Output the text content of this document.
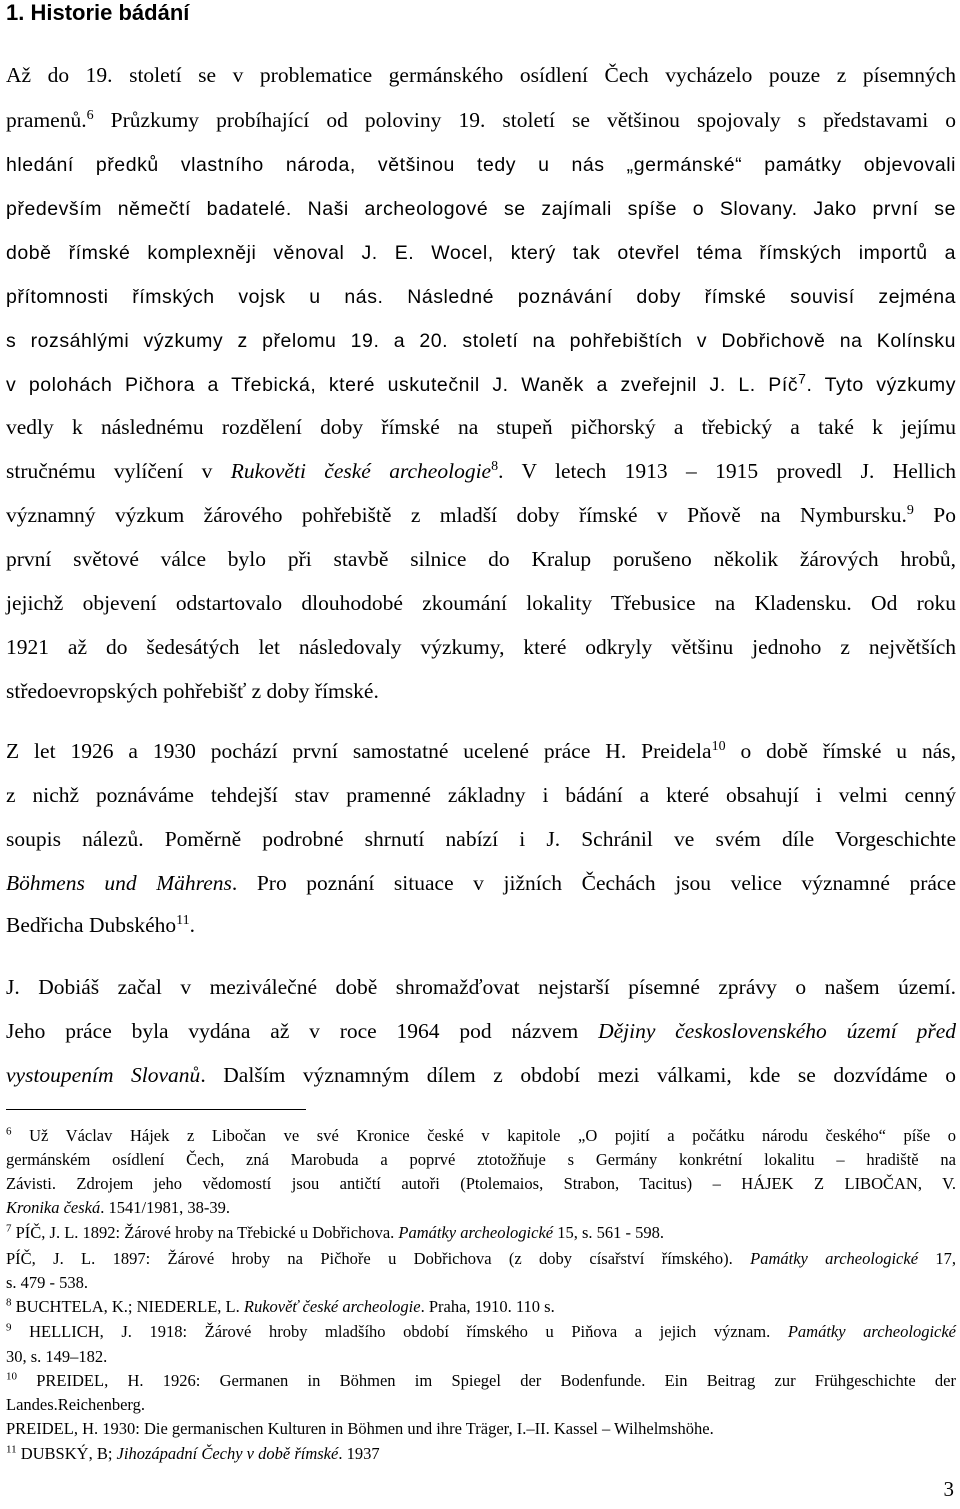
1. Historie bádání
Až do 19. století se v problematice germánského osídlení Čech vycházelo pouze z písemných
pramenů.$^6$ Průzkumy probíhající od poloviny 19. století se většinou spojovaly s představami o
hledání předků vlastního národa, většinou tedy u nás „germánské“ památky objevovali
především němečtí badatelé. Naši archeologové se zajímali spíše o Slovany. Jako první se
době římské komplexněji věnoval J. E. Wocel, který tak otevřel téma římských importů a
přítomnosti římských vojsk u nás. Následné poznávání doby římské souvisí zejména
s rozsáhlými výzkumy z přelomu 19. a 20. století na pohřebištích v Dobřichově na Kolínsku
v polohách Pičhora a Třebická, které uskutečnil J. Waněk a zveřejnil J. L. Píč$^7$. Tyto výzkumy
vedly k následnému rozdělení doby římské na stupeň pičhorský a třebický a také k jejímu
stručnému vylíčení v Rukověti české archeologie$^8$. V letech 1913 – 1915 provedl J. Hellich
významný výzkum žárového pohřebiště z mladší doby římské v Pňově na Nymbursku.$^9$ Po
první světové válce bylo při stavbě silnice do Kralup porušeno několik žárových hrobů,
jejichž objevení odstartovalo dlouhodobé zkoumání lokality Třebusice na Kladensku. Od roku
1921 až do šedesátých let následovaly výzkumy, které odkryly většinu jednoho z největších
středoevropských pohřebišť z doby římské.
Z let 1926 a 1930 pochází první samostatné ucelené práce H. Preidela$^{10}$ o době římské u nás,
z nichž poznáváme tehdejší stav pramenné základny i bádání a které obsahují i velmi cenný
soupis nálezů. Poměrně podrobné shrnutí nabízí i J. Schránil ve svém díle Vorgeschichte
Böhmens und Mährens. Pro poznání situace v jižních Čechách jsou velice významné práce
Bedřicha Dubského$^{11}$.
J. Dobiáš začal v meziválečné době shromažďovat nejstarší písemné zprávy o našem území.
Jeho práce byla vydána až v roce 1964 pod názvem Dějiny československého území před
vystoupením Slovanů. Dalším významným dílem z období mezi válkami, kde se dozvídáme o
$^6$ Už Václav Hájek z Libočan ve své Kronice české v kapitole „O pojití a počátku národu českého“ píše o
germánském osídlení Čech, zná Marobuda a poprvé ztotožňuje s Germány konkrétní lokalitu – hradiště na
Závisti. Zdrojem jeho vědomostí jsou antičtí autoři (Ptolemaios, Strabon, Tacitus) – HÁJEK Z LIBOČAN, V.
Kronika česká. 1541/1981, 38-39.
$^7$ PÍČ, J. L. 1892: Žárové hroby na Třebické u Dobřichova. Památky archeologické 15, s. 561 - 598.
PÍČ, J. L. 1897: Žárové hroby na Pičhoře u Dobřichova (z doby císařství římského). Památky archeologické 17,
s. 479 - 538.
$^8$ BUCHTELA, K.; NIEDERLE, L. Rukověť české archeologie. Praha, 1910. 110 s.
$^9$ HELLICH, J. 1918: Žárové hroby mladšího období římského u Piňova a jejich význam. Památky archeologické
30, s. 149–182.
$^{10}$ PREIDEL, H. 1926: Germanen in Böhmen im Spiegel der Bodenfunde. Ein Beitrag zur Frühgeschichte der
Landes.Reichenberg.
PREIDEL, H. 1930: Die germanischen Kulturen in Böhmen und ihre Träger, I.–II. Kassel – Wilhelmshöhe.
$^{11}$ DUBSKÝ, B; Jihozápadní Čechy v době římské. 1937
3
